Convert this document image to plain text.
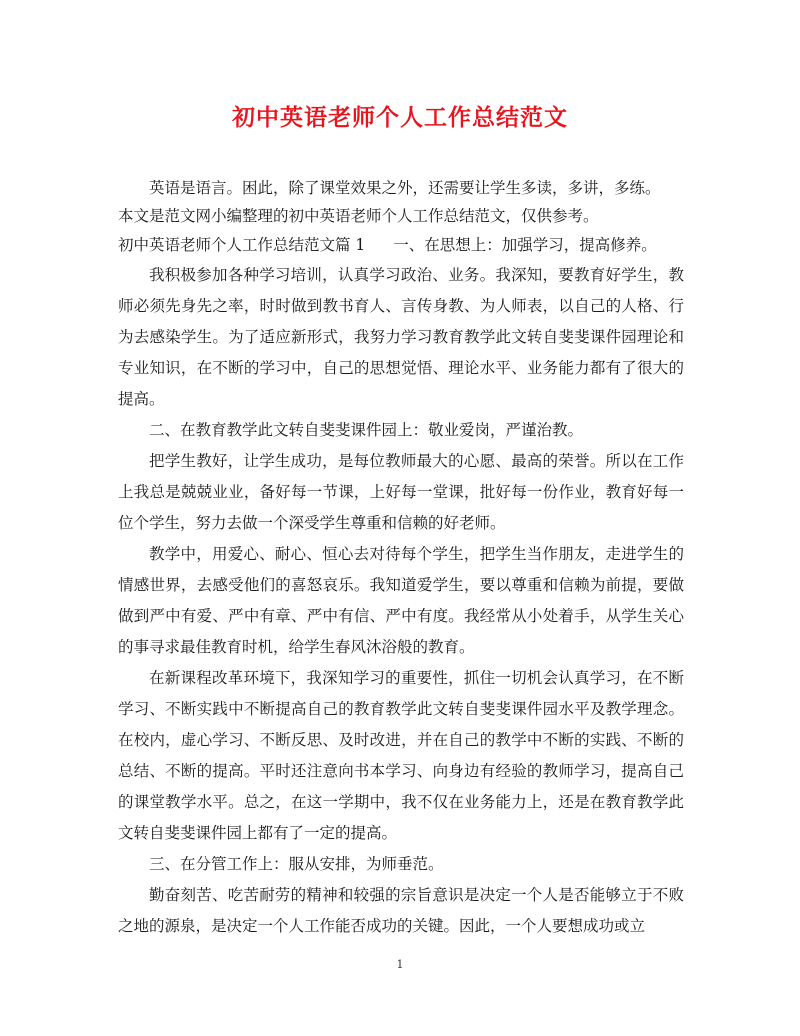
初中英语老师个人工作总结范文

英语是语言。困此，除了课堂效果之外，还需要让学生多读，多讲，多练。

本文是范文网小编整理的初中英语老师个人工作总结范文，仅供参考。

初中英语老师个人工作总结范文篇 1 一、在思想上：加强学习，提高修养。

我积极参加各种学习培训，认真学习政治、业务。我深知，要教育好学生，教师必须先身先之率，时时做到教书育人、言传身教、为人师表，以自己的人格、行为去感染学生。为了适应新形式，我努力学习教育教学此文转自斐斐课件园理论和专业知识，在不断的学习中，自己的思想觉悟、理论水平、业务能力都有了很大的提高。

二、在教育教学此文转自斐斐课件园上：敬业爱岗，严谨治教。

把学生教好，让学生成功，是每位教师最大的心愿、最高的荣誉。所以在工作上我总是兢兢业业，备好每一节课，上好每一堂课，批好每一份作业，教育好每一位个学生，努力去做一个深受学生尊重和信赖的好老师。

教学中，用爱心、耐心、恒心去对待每个学生，把学生当作朋友，走进学生的情感世界，去感受他们的喜怒哀乐。我知道爱学生，要以尊重和信赖为前提，要做做到严中有爱、严中有章、严中有信、严中有度。我经常从小处着手，从学生关心的事寻求最佳教育时机，给学生春风沐浴般的教育。

在新课程改革环境下，我深知学习的重要性，抓住一切机会认真学习，在不断学习、不断实践中不断提高自己的教育教学此文转自斐斐课件园水平及教学理念。在校内，虚心学习、不断反思、及时改进，并在自己的教学中不断的实践、不断的总结、不断的提高。平时还注意向书本学习、向身边有经验的教师学习，提高自己的课堂教学水平。总之，在这一学期中，我不仅在业务能力上，还是在教育教学此文转自斐斐课件园上都有了一定的提高。

三、在分管工作上：服从安排，为师垂范。

勤奋刻苦、吃苦耐劳的精神和较强的宗旨意识是决定一个人是否能够立于不败之地的源泉，是决定一个人工作能否成功的关键。因此，一个人要想成功或立

1
